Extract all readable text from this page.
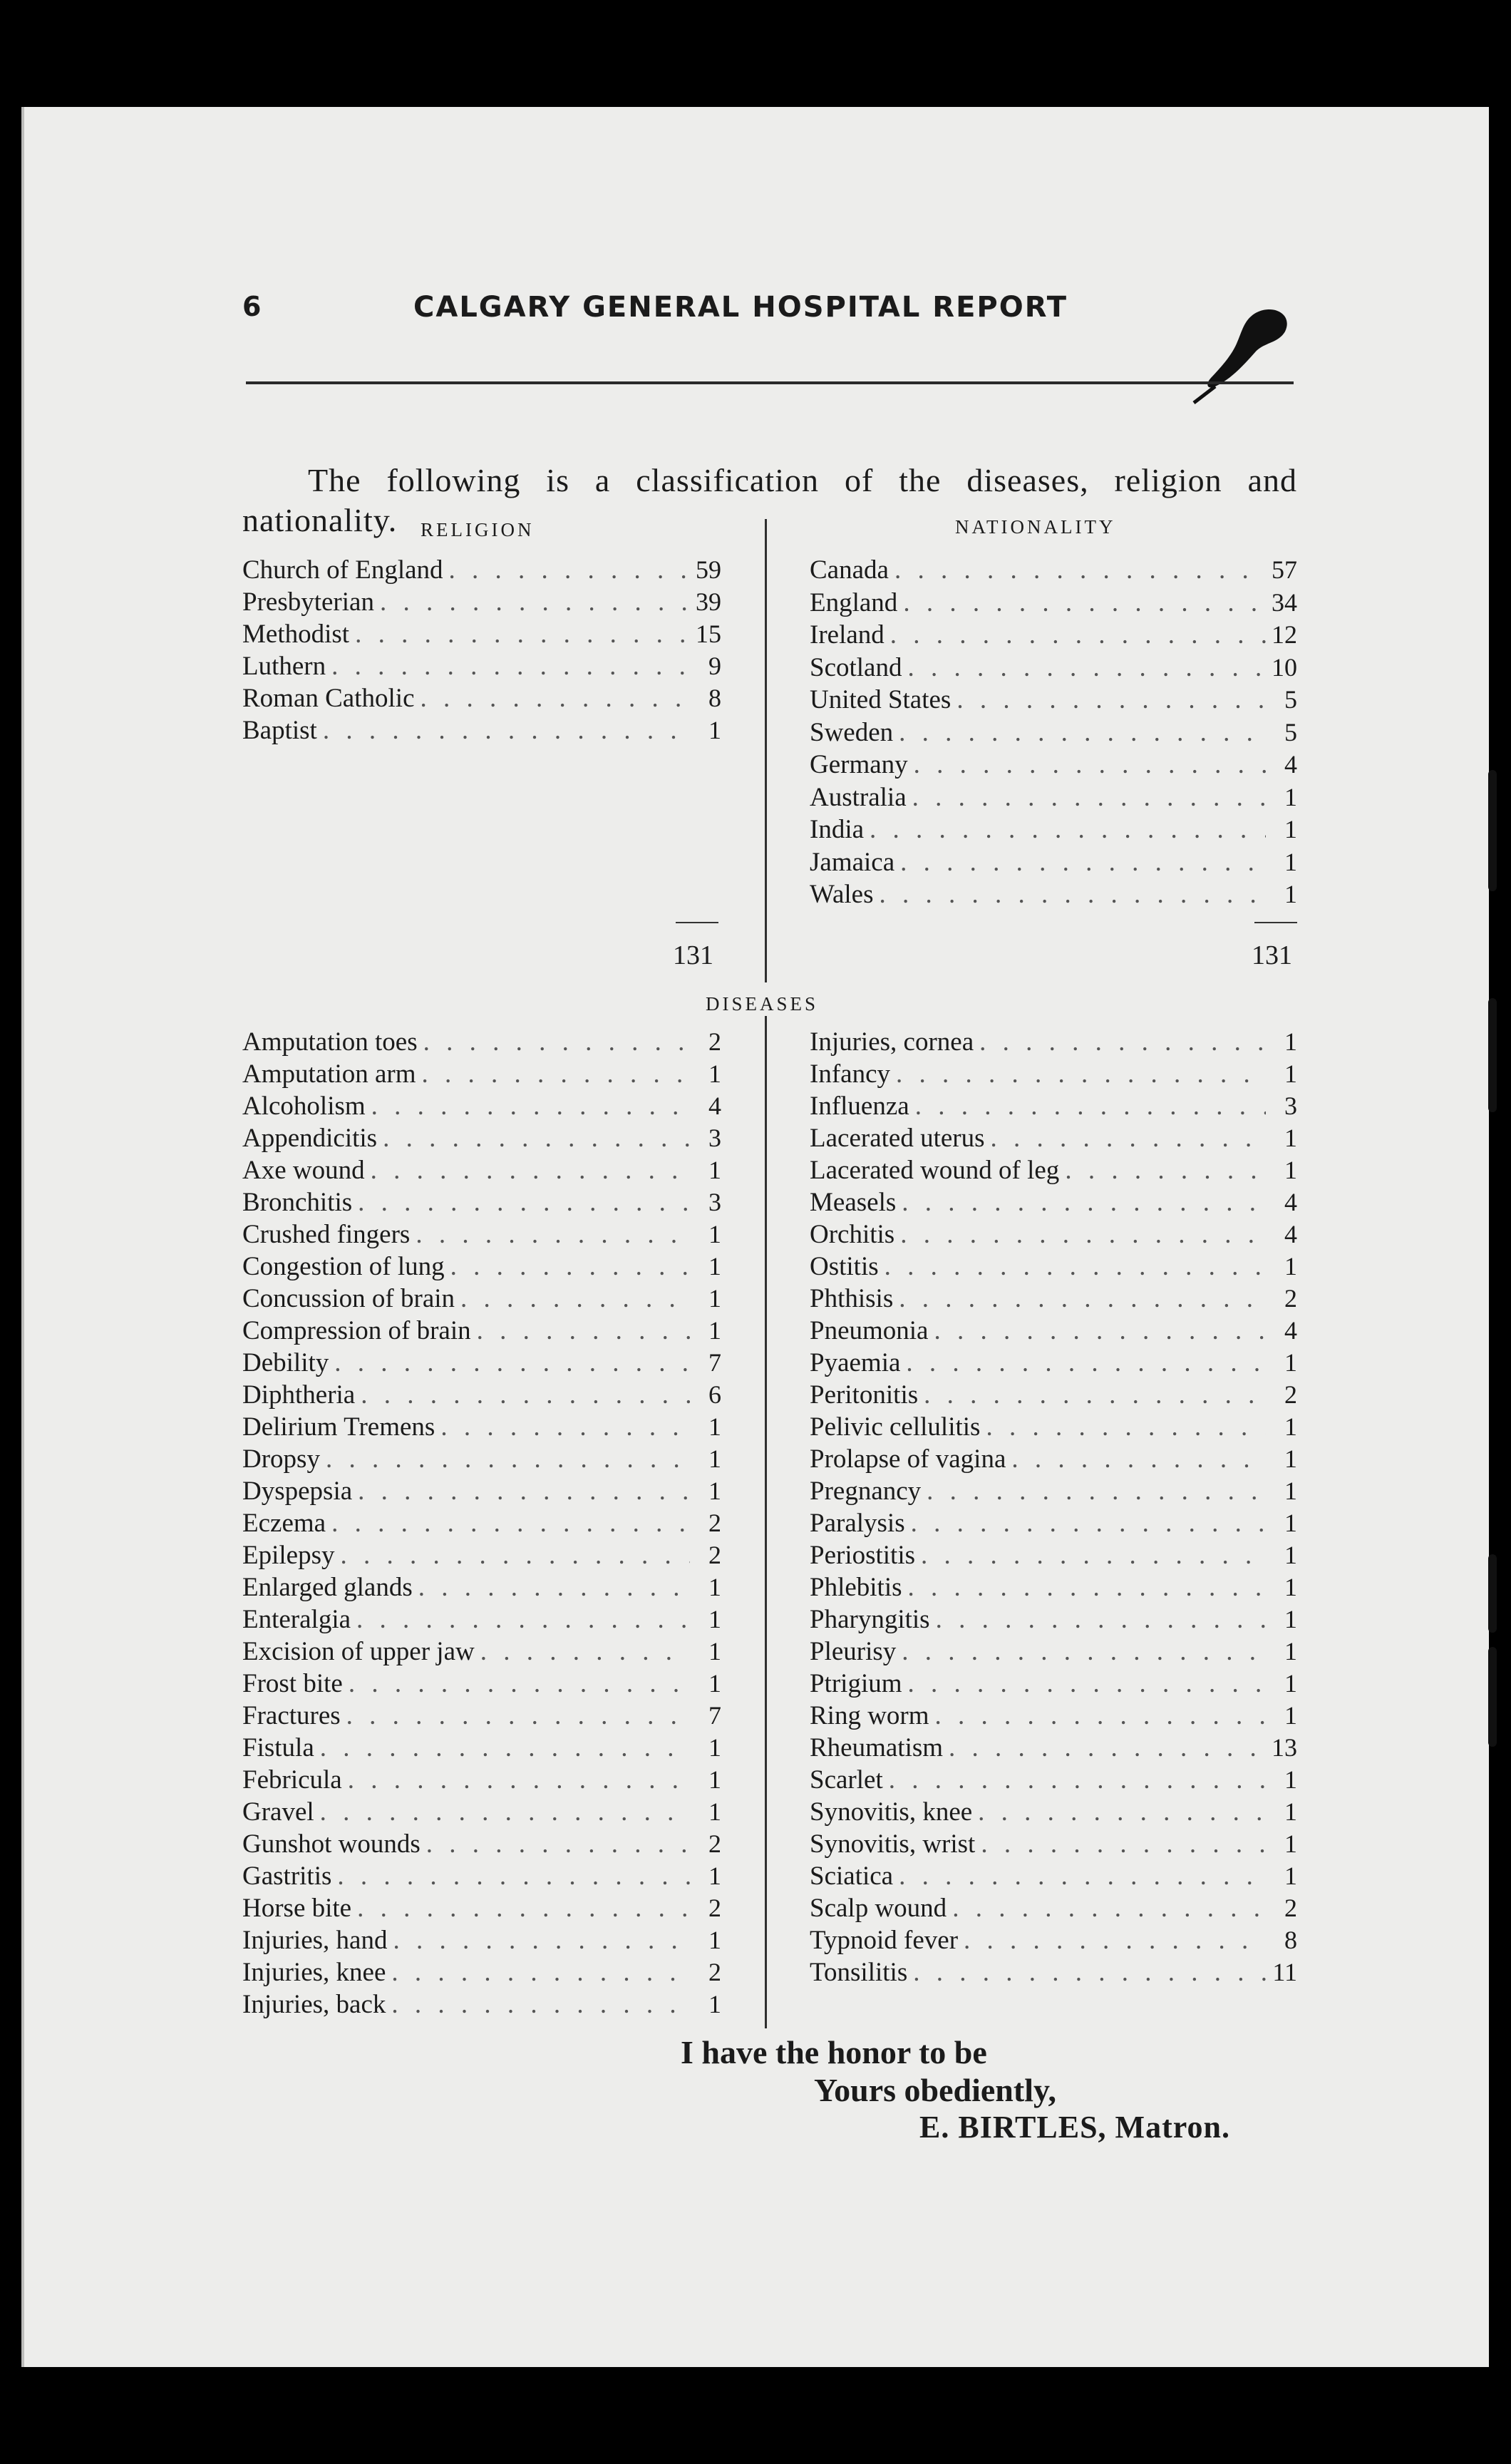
6	CALGARY GENERAL HOSPITAL REPORT

The following is a classification of the diseases, religion and nationality.	RELIGION	NATIONALITY
Church of England . . .	59
Presbyterian . . .	39
Methodist . . .	15
Luthern . . .	9
Roman Catholic . . .	8
Baptist . . .	1
Canada . . .	57
England . . .	34
Ireland . . .	12
Scotland . . .	10
United States . . .	5
Sweden . . .	5
Germany . . .	4
Australia . . .	1
India . . .	1
Jamaica . . .	1
Wales . . .	1
131	131
DISEASES
Amputation toes . . .	2
Amputation arm . . .	1
Alcoholism . . .	4
Appendicitis . . .	3
Axe wound . . .	1
Bronchitis . . .	3
Crushed fingers . . .	1
Congestion of lung . . .	1
Concussion of brain . . .	1
Compression of brain . . .	1
Debility . . .	7
Diphtheria . . .	6
Delirium Tremens . . .	1
Dropsy . . .	1
Dyspepsia . . .	1
Eczema . . .	2
Epilepsy . . .	2
Enlarged glands . . .	1
Enteralgia . . .	1
Excision of upper jaw . . .	1
Frost bite . . .	1
Fractures . . .	7
Fistula . . .	1
Febricula . . .	1
Gravel . . .	1
Gunshot wounds . . .	2
Gastritis . . .	1
Horse bite . . .	2
Injuries, hand . . .	1
Injuries, knee . . .	2
Injuries, back . . .	1
Injuries, cornea . . .	1
Infancy . . .	1
Influenza . . .	3
Lacerated uterus . . .	1
Lacerated wound of leg . . .	1
Measels . . .	4
Orchitis . . .	4
Ostitis . . .	1
Phthisis . . .	2
Pneumonia . . .	4
Pyaemia . . .	1
Peritonitis . . .	2
Pelivic cellulitis . . .	1
Prolapse of vagina . . .	1
Pregnancy . . .	1
Paralysis . . .	1
Periostitis . . .	1
Phlebitis . . .	1
Pharyngitis . . .	1
Pleurisy . . .	1
Ptrigium . . .	1
Ring worm . . .	1
Rheumatism . . .	13
Scarlet . . .	1
Synovitis, knee . . .	1
Synovitis, wrist . . .	1
Sciatica . . .	1
Scalp wound . . .	2
Typnoid fever . . .	8
Tonsilitis . . .	11
I have the honor to be
Yours obediently,
E. BIRTLES, Matron.
